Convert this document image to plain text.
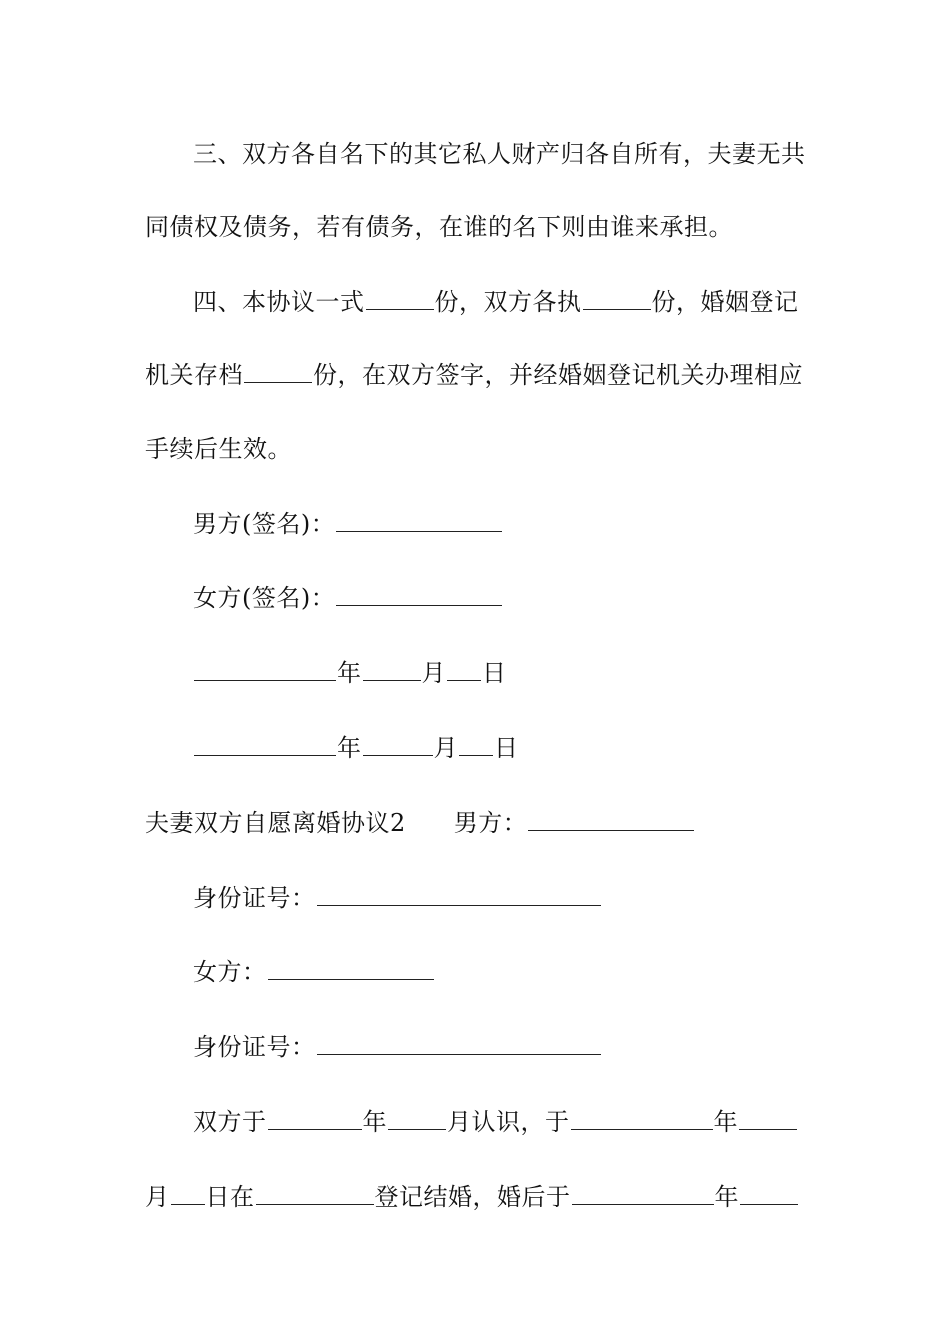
三、双方各自名下的其它私人财产归各自所有，夫妻无共
同债权及债务，若有债务，在谁的名下则由谁来承担。
四、本协议一式	份，双方各执	份，婚姻登记
机关存档	份，在双方签字，并经婚姻登记机关办理相应
手续后生效。
男方(签名)：
女方(签名)：
年	月 日
年	月 日
夫妻双方自愿离婚协议2 男方：
身份证号：
女方：
身份证号：
双方于	年	月认识，于	年
月 日在	登记结婚，婚后于	年
